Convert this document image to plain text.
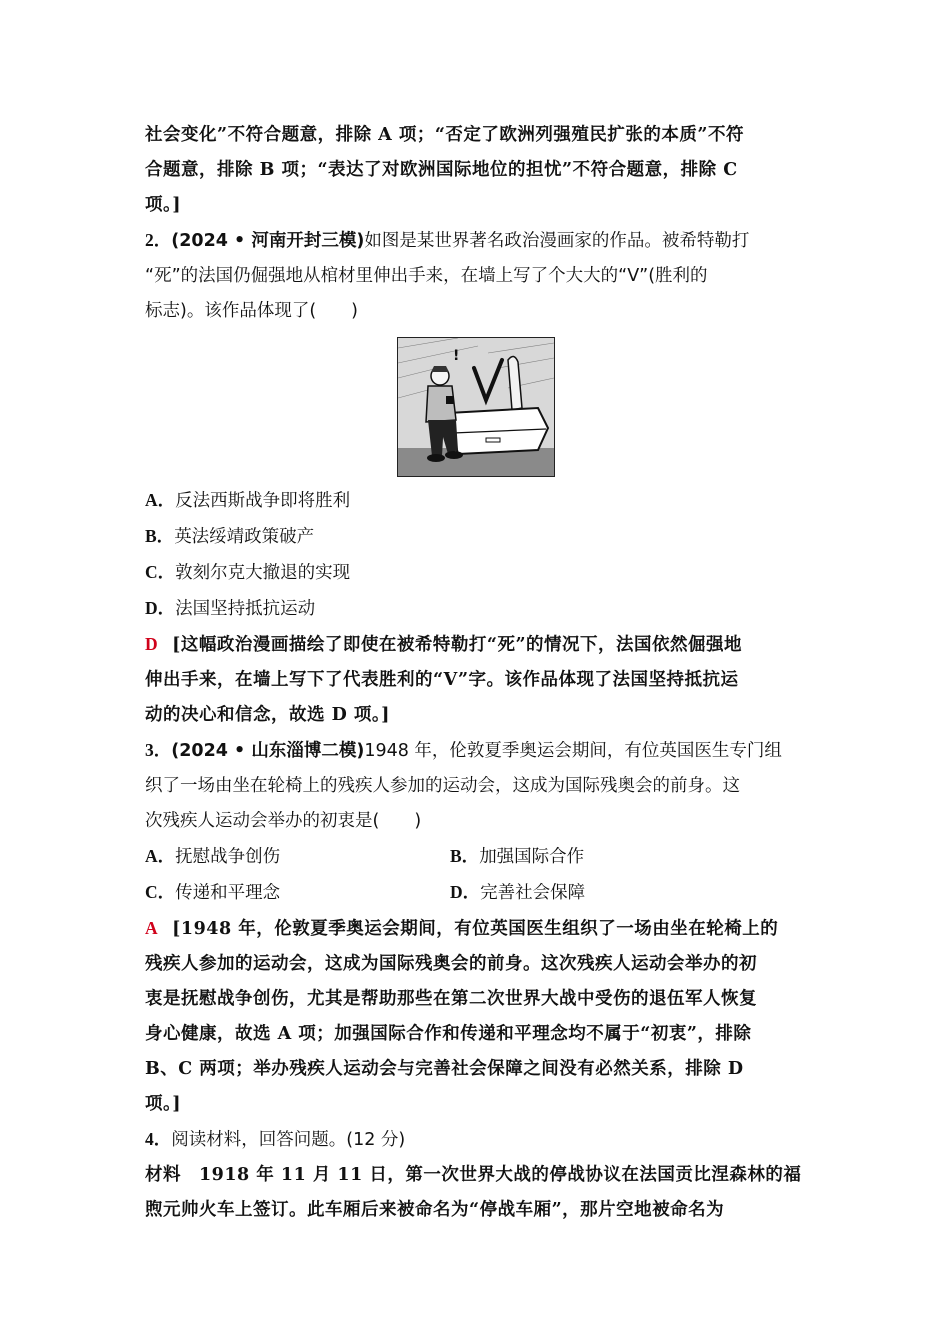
社会变化”不符合题意，排除 A 项；“否定了欧洲列强殖民扩张的本质”不符

合题意，排除 B 项；“表达了对欧洲国际地位的担忧”不符合题意，排除 C

项。]

2．(2024 • 河南开封三模)如图是某世界著名政治漫画家的作品。被希特勒打

“死”的法国仍倔强地从棺材里伸出手来，在墙上写了个大大的“V”(胜利的

标志)。该作品体现了(　　)

!
A．反法西斯战争即将胜利
B．英法绥靖政策破产
C．敦刻尔克大撤退的实现
D．法国坚持抵抗运动

D [这幅政治漫画描绘了即使在被希特勒打“死”的情况下，法国依然倔强地

伸出手来，在墙上写下了代表胜利的“V”字。该作品体现了法国坚持抵抗运

动的决心和信念，故选 D 项。]

3．(2024 • 山东淄博二模)1948 年，伦敦夏季奥运会期间，有位英国医生专门组

织了一场由坐在轮椅上的残疾人参加的运动会，这成为国际残奥会的前身。这

次残疾人运动会举办的初衷是(　　)

A．抚慰战争创伤	B．加强国际合作
C．传递和平理念	D．完善社会保障

A [1948 年，伦敦夏季奥运会期间，有位英国医生组织了一场由坐在轮椅上的

残疾人参加的运动会，这成为国际残奥会的前身。这次残疾人运动会举办的初

衷是抚慰战争创伤，尤其是帮助那些在第二次世界大战中受伤的退伍军人恢复

身心健康，故选 A 项；加强国际合作和传递和平理念均不属于“初衷”，排除

B、C 两项；举办残疾人运动会与完善社会保障之间没有必然关系，排除 D

项。]

4．阅读材料，回答问题。(12 分)

材料 1918 年 11 月 11 日，第一次世界大战的停战协议在法国贡比涅森林的福

煦元帅火车上签订。此车厢后来被命名为“停战车厢”，那片空地被命名为
